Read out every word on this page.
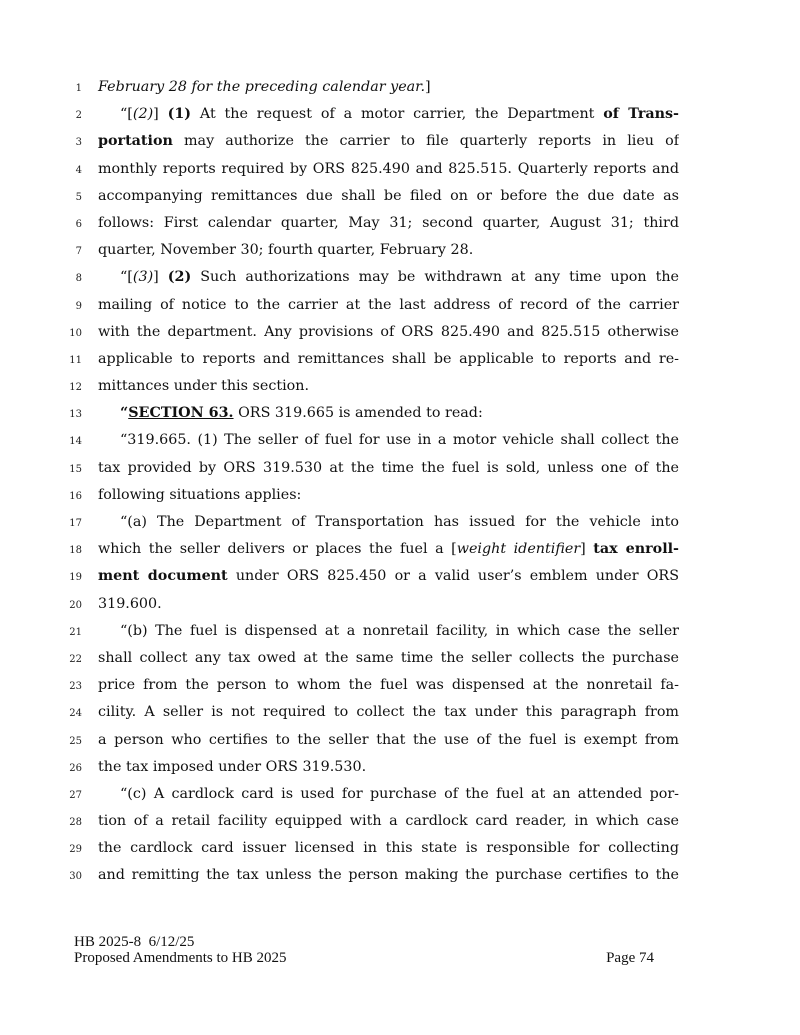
1 February 28 for the preceding calendar year.]
2	“[(2)] (1) At the request of a motor carrier, the Department of Trans-
3 portation may authorize the carrier to file quarterly reports in lieu of
4 monthly reports required by ORS 825.490 and 825.515. Quarterly reports and
5 accompanying remittances due shall be filed on or before the due date as
6 follows: First calendar quarter, May 31; second quarter, August 31; third
7 quarter, November 30; fourth quarter, February 28.
8	“[(3)] (2) Such authorizations may be withdrawn at any time upon the
9 mailing of notice to the carrier at the last address of record of the carrier
10 with the department. Any provisions of ORS 825.490 and 825.515 otherwise
11 applicable to reports and remittances shall be applicable to reports and re-
12 mittances under this section.
13	“SECTION 63. ORS 319.665 is amended to read:
14	“319.665. (1) The seller of fuel for use in a motor vehicle shall collect the
15 tax provided by ORS 319.530 at the time the fuel is sold, unless one of the
16 following situations applies:
17	“(a) The Department of Transportation has issued for the vehicle into
18 which the seller delivers or places the fuel a [weight identifier] tax enroll-
19 ment document under ORS 825.450 or a valid user’s emblem under ORS
20 319.600.
21	“(b) The fuel is dispensed at a nonretail facility, in which case the seller
22 shall collect any tax owed at the same time the seller collects the purchase
23 price from the person to whom the fuel was dispensed at the nonretail fa-
24 cility. A seller is not required to collect the tax under this paragraph from
25 a person who certifies to the seller that the use of the fuel is exempt from
26 the tax imposed under ORS 319.530.
27	“(c) A cardlock card is used for purchase of the fuel at an attended por-
28 tion of a retail facility equipped with a cardlock card reader, in which case
29 the cardlock card issuer licensed in this state is responsible for collecting
30 and remitting the tax unless the person making the purchase certifies to the
HB 2025-8 6/12/25
Proposed Amendments to HB 2025	Page 74
